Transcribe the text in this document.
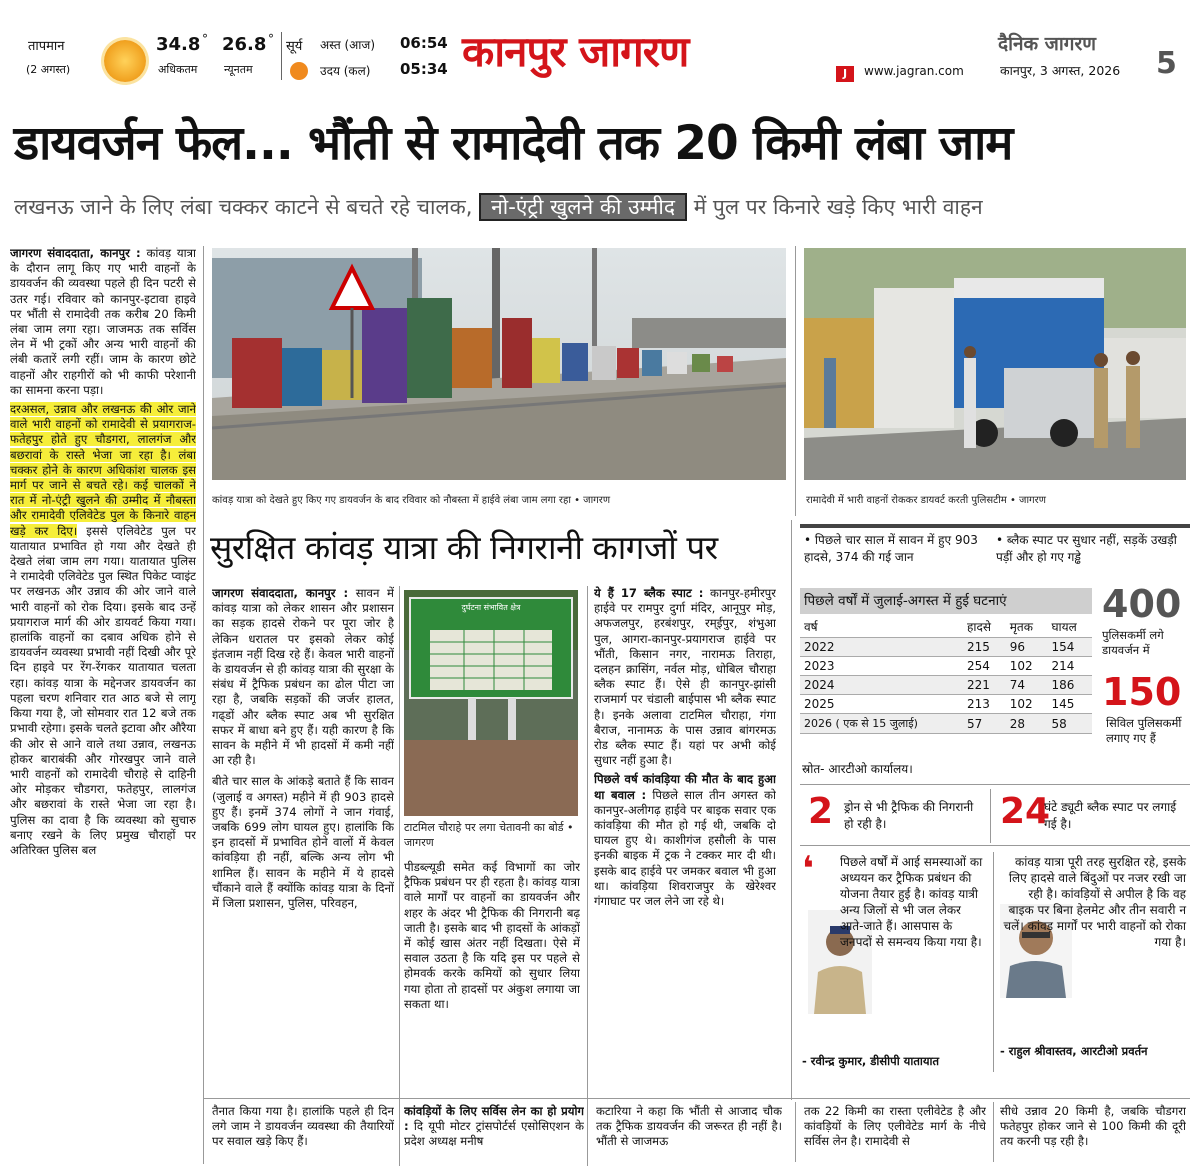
तापमान
(2 अगस्त)
34.8 °
अधिकतम
26.8 °
न्यूनतम
सूर्य अस्त (आज) 06:54
उदय (कल) 05:34 कानपुर जागरण	J	www.jagran.com
दैनिक जागरण
कानपुर, 3 अगस्त, 2026 5
डायवर्जन फेल... भौंती से रामादेवी तक 20 किमी लंबा जाम
लखनऊ जाने के लिए लंबा चक्कर काटने से बचते रहे चालक, नो-एंट्री खुलने की उम्मीद में पुल पर किनारे खड़े किए भारी वाहन
जागरण संवाददाता, कानपुर : कांवड़ यात्रा के दौरान लागू किए गए भारी वाहनों के डायवर्जन की व्यवस्था पहले ही दिन पटरी से उतर गई। रविवार को कानपुर-इटावा हाइवे पर भौंती से रामादेवी तक करीब 20 किमी लंबा जाम लगा रहा। जाजमऊ तक सर्विस लेन में भी ट्रकों और अन्य भारी वाहनों की लंबी कतारें लगी रहीं। जाम के कारण छोटे वाहनों और राहगीरों को भी काफी परेशानी का सामना करना पड़ा।
दरअसल, उन्नाव और लखनऊ की ओर जाने वाले भारी वाहनों को रामादेवी से प्रयागराज-फतेहपुर होते हुए चौडगरा, लालगंज और बछरावां के रास्ते भेजा जा रहा है। लंबा चक्कर होने के कारण अधिकांश चालक इस मार्ग पर जाने से बचते रहे। कई चालकों ने रात में नो-एंट्री खुलने की उम्मीद में नौबस्ता और रामादेवी एलिवेटेड पुल के किनारे वाहन खड़े कर दिए। इससे एलिवेटेड पुल पर यातायात प्रभावित हो गया और देखते ही देखते लंबा जाम लग गया। यातायात पुलिस ने रामादेवी एलिवेटेड पुल स्थित पिकेट प्वाइंट पर लखनऊ और उन्नाव की ओर जाने वाले भारी वाहनों को रोक दिया। इसके बाद उन्हें प्रयागराज मार्ग की ओर डायवर्ट किया गया। हालांकि वाहनों का दबाव अधिक होने से डायवर्जन व्यवस्था प्रभावी नहीं दिखी और पूरे दिन हाइवे पर रेंग-रेंगकर यातायात चलता रहा। कांवड़ यात्रा के मद्देनजर डायवर्जन का पहला चरण शनिवार रात आठ बजे से लागू किया गया है, जो सोमवार रात 12 बजे तक प्रभावी रहेगा। इसके चलते इटावा और औरैया की ओर से आने वाले तथा उन्नाव, लखनऊ होकर बाराबंकी और गोरखपुर जाने वाले भारी वाहनों को रामादेवी चौराहे से दाहिनी ओर मोड़कर चौडगरा, फतेहपुर, लालगंज और बछरावां के रास्ते भेजा जा रहा है। पुलिस का दावा है कि व्यवस्था को सुचारु बनाए रखने के लिए प्रमुख चौराहों पर अतिरिक्त पुलिस बल
कांवड़ यात्रा को देखते हुए किए गए डायवर्जन के बाद रविवार को नौबस्ता में हाईवे लंबा जाम लगा रहा • जागरण	रामादेवी में भारी वाहनों रोककर डायवर्ट करती पुलिसटीम • जागरण
सुरक्षित कांवड़ यात्रा की निगरानी कागजों पर
जागरण संवाददाता, कानपुर : सावन में कांवड़ यात्रा को लेकर शासन और प्रशासन का सड़क हादसे रोकने पर पूरा जोर है लेकिन धरातल पर इसको लेकर कोई इंतजाम नहीं दिख रहे हैं। केवल भारी वाहनों के डायवर्जन से ही कांवड़ यात्रा की सुरक्षा के संबंध में ट्रैफिक प्रबंधन का ढोल पीटा जा रहा है, जबकि सड़कों की जर्जर हालत, गढ्डों और ब्लैक स्पाट अब भी सुरक्षित सफर में बाधा बने हुए हैं। यही कारण है कि सावन के महीने में भी हादसों में कमी नहीं आ रही है।
बीते चार साल के आंकड़े बताते हैं कि सावन (जुलाई व अगस्त) महीने में ही 903 हादसे हुए हैं। इनमें 374 लोगों ने जान गंवाई, जबकि 699 लोग घायल हुए। हालांकि कि इन हादसों में प्रभावित होने वालों में केवल कांवड़िया ही नहीं, बल्कि अन्य लोग भी शामिल हैं। सावन के महीने में ये हादसे चौंकाने वाले हैं क्योंकि कांवड़ यात्रा के दिनों में जिला प्रशासन, पुलिस, परिवहन,
दुर्घटना संभावित क्षेत्र
टाटमिल चौराहे पर लगा चेतावनी का बोर्ड • जागरण
पीडब्ल्यूडी समेत कई विभागों का जोर ट्रैफिक प्रबंधन पर ही रहता है। कांवड़ यात्रा वाले मार्गों पर वाहनों का डायवर्जन और शहर के अंदर भी ट्रैफिक की निगरानी बढ़ जाती है। इसके बाद भी हादसों के आंकड़ों में कोई खास अंतर नहीं दिखता। ऐसे में सवाल उठता है कि यदि इस पर पहले से होमवर्क करके कमियों को सुधार लिया गया होता तो हादसों पर अंकुश लगाया जा सकता था।
ये हैं 17 ब्लैक स्पाट : कानपुर-हमीरपुर हाईवे पर रामपुर दुर्गा मंदिर, आनूपुर मोड़, अफजलपुर, हरबंशपुर, रम्ईपुर, शंभुआ पुल, आगरा-कानपुर-प्रयागराज हाईवे पर भौंती, किसान नगर, नारामऊ तिराहा, दलहन क्रासिंग, नर्वल मोड़, धोबिल चौराहा ब्लैक स्पाट हैं। ऐसे ही कानपुर-झांसी राजमार्ग पर चंडाली बाईपास भी ब्लैक स्पाट है। इनके अलावा टाटमिल चौराहा, गंगा बैराज, नानामऊ के पास उन्नाव बांगरमऊ रोड ब्लैक स्पाट हैं। यहां पर अभी कोई सुधार नहीं हुआ है।
पिछले वर्ष कांवड़िया की मौत के बाद हुआ था बवाल : पिछले साल तीन अगस्त को कानपुर-अलीगढ़ हाईवे पर बाइक सवार एक कांवड़िया की मौत हो गई थी, जबकि दो घायल हुए थे। काशीगंज हसौली के पास इनकी बाइक में ट्रक ने टक्कर मार दी थी। इसके बाद हाईवे पर जमकर बवाल भी हुआ था। कांवड़िया शिवराजपुर के खेरेश्वर गंगाघाट पर जल लेने जा रहे थे।
तैनात किया गया है। हालांकि पहले ही दिन लगे जाम ने डायवर्जन व्यवस्था की तैयारियों पर सवाल खड़े किए हैं।
कांवड़ियों के लिए सर्विस लेन का हो प्रयोग : दि यूपी मोटर ट्रांसपोर्टर्स एसोसिएशन के प्रदेश अध्यक्ष मनीष
कटारिया ने कहा कि भौंती से आजाद चौक तक ट्रैफिक डायवर्जन की जरूरत ही नहीं है। भौंती से जाजमऊ
तक 22 किमी का रास्ता एलीवेटेड है और कांवड़ियों के लिए एलीवेटेड मार्ग के नीचे सर्विस लेन है। रामादेवी से
सीधे उन्नाव 20 किमी है, जबकि चौडगरा फतेहपुर होकर जाने से 100 किमी की दूरी तय करनी पड़ रही है।
• पिछले चार साल में सावन में हुए 903 हादसे, 374 की गई जान
• ब्लैक स्पाट पर सुधार नहीं, सड़कें उखड़ी पड़ीं और हो गए गड्ढे
पिछले वर्षों में जुलाई-अगस्त में हुई घटनाएं
वर्ष	हादसे	मृतक	घायल
2022	215	96	154
2023	254	102	214
2024	221	74	186
2025	213	102	145
2026 ( एक से 15 जुलाई)	57	28	58
स्रोत- आरटीओ कार्यालय।
400
पुलिसकर्मी लगे डायवर्जन में
150
सिविल पुलिसकर्मी लगाए गए हैं
2 ड्रोन से भी ट्रैफिक की निगरानी हो रही है।	24
घंटे ड्यूटी ब्लैक स्पाट पर लगाई गई है।
❛ पिछले वर्षों में आई समस्याओं का अध्ययन कर ट्रैफिक प्रबंधन की योजना तैयार हुई है। कांवड़ यात्री अन्य जिलों से भी जल लेकर आते-जाते हैं। आसपास के जनपदों से समन्वय किया गया है।
- रवीन्द्र कुमार, डीसीपी यातायात
कांवड़ यात्रा पूरी तरह सुरक्षित रहे, इसके लिए हादसे वाले बिंदुओं पर नजर रखी जा रही है। कांवड़ियों से अपील है कि वह बाइक पर बिना हेलमेट और तीन सवारी न चलें। कांवड़ मार्गों पर भारी वाहनों को रोका गया है।
- राहुल श्रीवास्तव, आरटीओ प्रवर्तन
